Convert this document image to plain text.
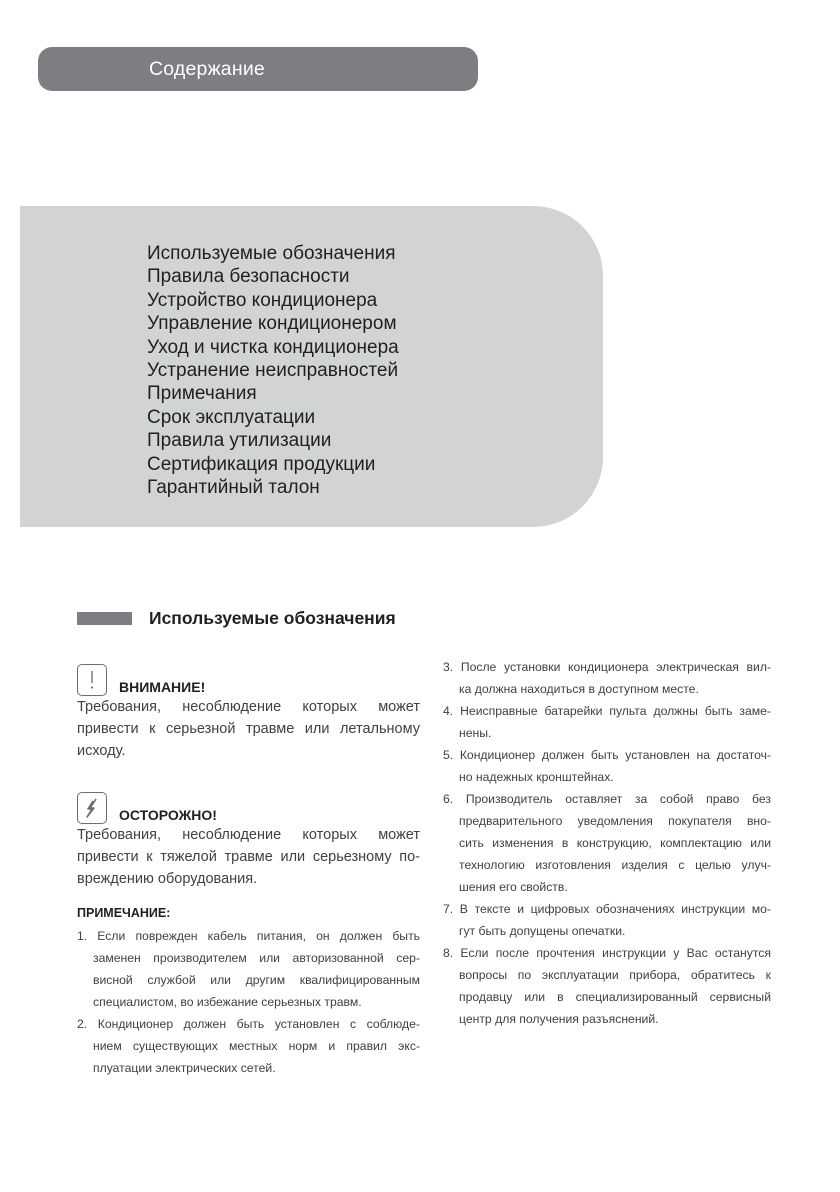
Содержание
Используемые обозначения
Правила безопасности
Устройство кондиционера
Управление кондиционером
Уход и чистка кондиционера
Устранение неисправностей
Примечания
Срок эксплуатации
Правила утилизации
Сертификация продукции
Гарантийный талон
Используемые обозначения
ВНИМАНИЕ!
Требования, несоблюдение которых может
привести к серьезной травме или летальному
исходу.
ОСТОРОЖНО!
Требования, несоблюдение которых может
привести к тяжелой травме или серьезному по-
вреждению оборудования.
ПРИМЕЧАНИЕ:
1. Если поврежден кабель питания, он должен быть
заменен производителем или авторизованной сер-
висной службой или другим квалифицированным
специалистом, во избежание серьезных травм.
2. Кондиционер должен быть установлен с соблюде-
нием существующих местных норм и правил экс-
плуатации электрических сетей.
3. После установки кондиционера электрическая вил-
ка должна находиться в доступном месте.
4. Неисправные батарейки пульта должны быть заме-
нены.
5. Кондиционер должен быть установлен на достаточ-
но надежных кронштейнах.
6. Производитель оставляет за собой право без
предварительного уведомления покупателя вно-
сить изменения в конструкцию, комплектацию или
технологию изготовления изделия с целью улуч-
шения его свойств.
7. В тексте и цифровых обозначениях инструкции мо-
гут быть допущены опечатки.
8. Если после прочтения инструкции у Вас останутся
вопросы по эксплуатации прибора, обратитесь к
продавцу или в специализированный сервисный
центр для получения разъяснений.
